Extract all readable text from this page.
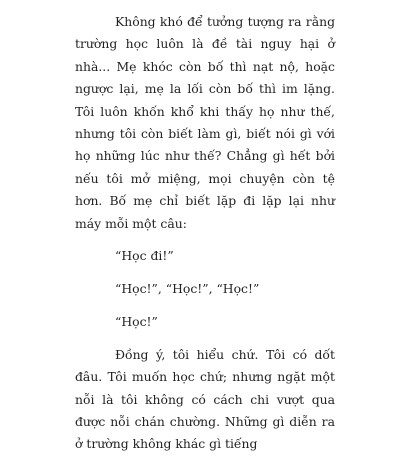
Không khó để tưởng tượng ra rằng trường học luôn là đề tài nguy hại ở nhà... Mẹ khóc còn bố thì nạt nộ, hoặc ngược lại, mẹ la lối còn bố thì im lặng. Tôi luôn khốn khổ khi thấy họ như thế, nhưng tôi còn biết làm gì, biết nói gì với họ những lúc như thế? Chẳng gì hết bởi nếu tôi mở miệng, mọi chuyện còn tệ hơn. Bố mẹ chỉ biết lặp đi lặp lại như máy mỗi một câu:

“Học đi!”

“Học!”, “Học!”, “Học!”

“Học!”

Đồng ý, tôi hiểu chứ. Tôi có dốt đâu. Tôi muốn học chứ; nhưng ngặt một nỗi là tôi không có cách chi vượt qua được nỗi chán chường. Những gì diễn ra ở trường không khác gì tiếng
